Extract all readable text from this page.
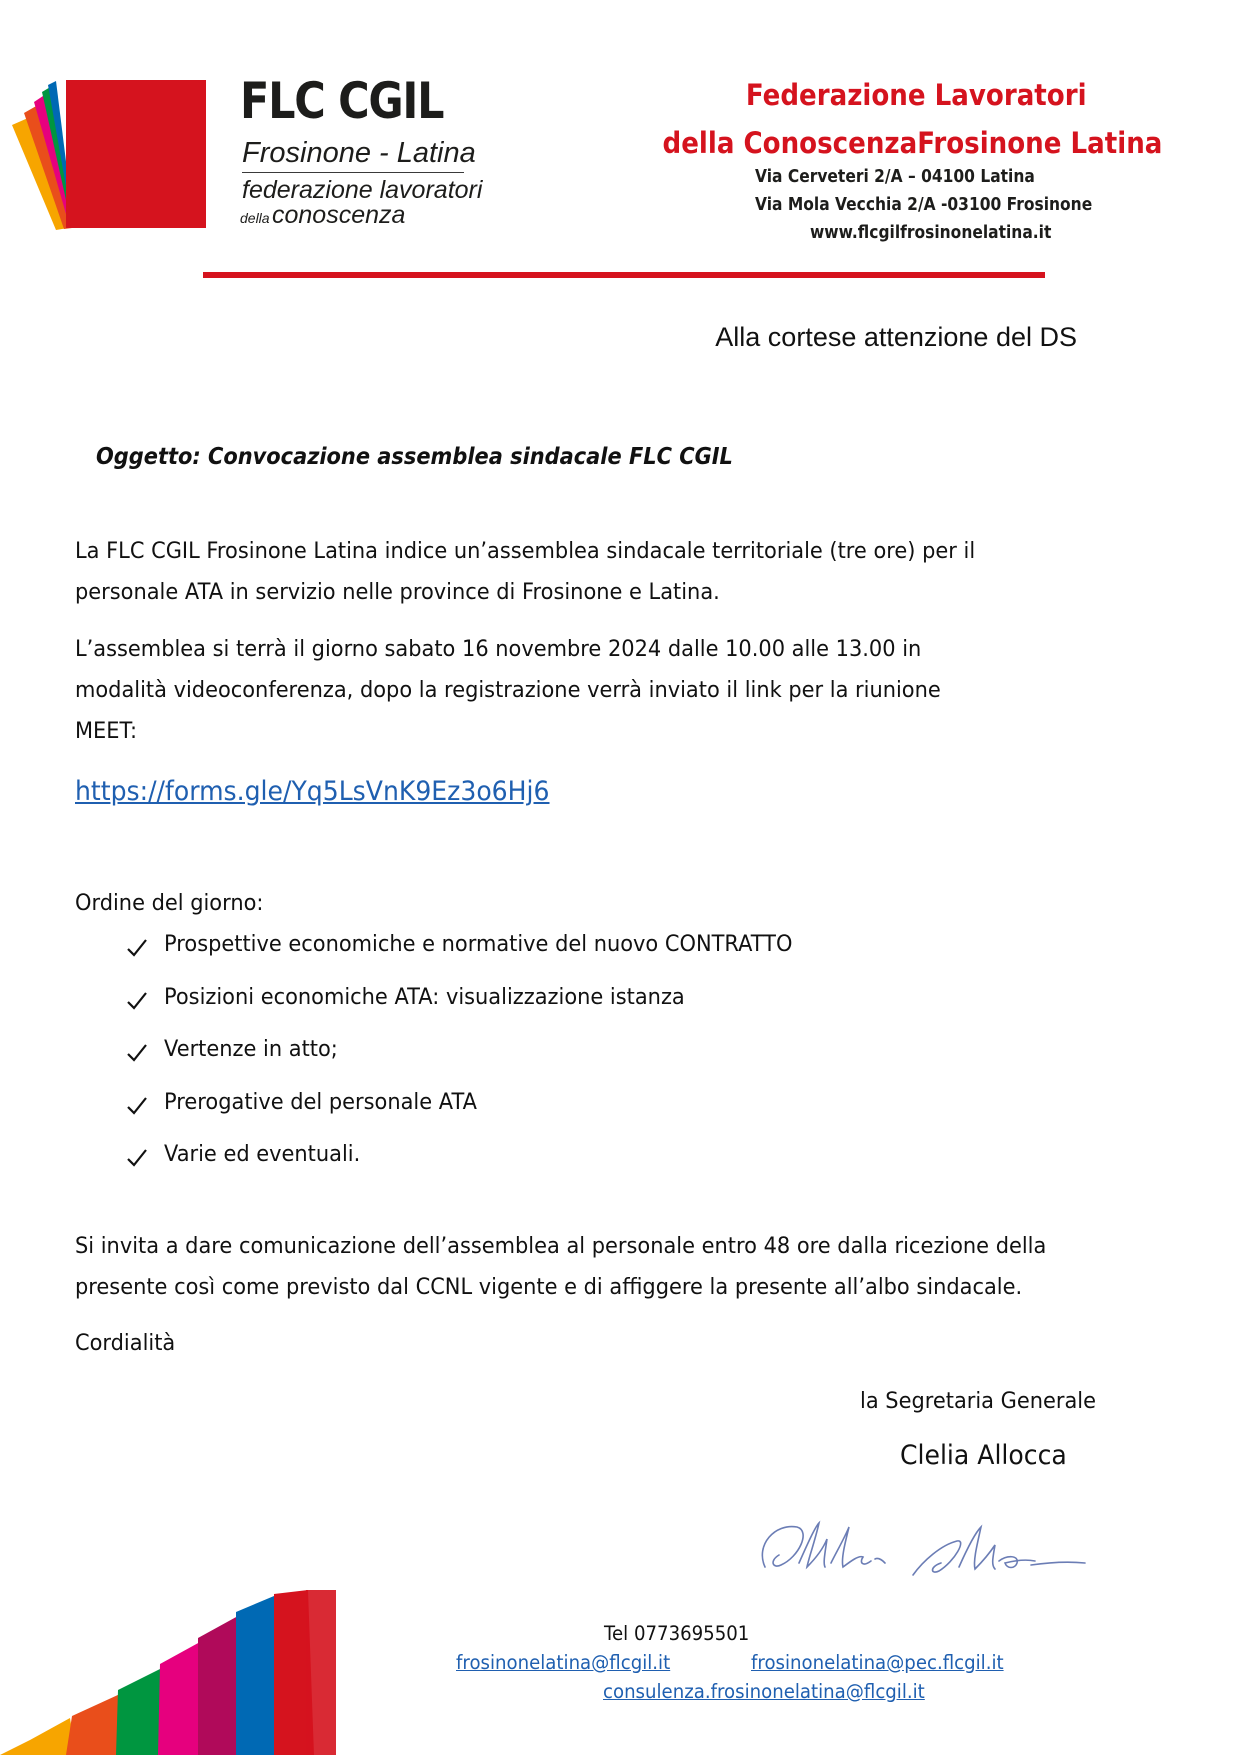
FLC CGIL
Frosinone - Latina
federazione lavoratori
della conoscenza
Federazione Lavoratori
della ConoscenzaFrosinone Latina
Via Cerveteri 2/A – 04100 Latina
Via Mola Vecchia 2/A -03100 Frosinone
www.flcgilfrosinonelatina.it
Alla cortese attenzione del DS
Oggetto: Convocazione assemblea sindacale FLC CGIL
La FLC CGIL Frosinone Latina indice un’assemblea sindacale territoriale (tre ore) per il
personale ATA in servizio nelle province di Frosinone e Latina.
L’assemblea si terrà il giorno sabato 16 novembre 2024 dalle 10.00 alle 13.00 in
modalità videoconferenza, dopo la registrazione verrà inviato il link per la riunione
MEET:
https://forms.gle/Yq5LsVnK9Ez3o6Hj6
Ordine del giorno:
Prospettive economiche e normative del nuovo CONTRATTO
Posizioni economiche ATA: visualizzazione istanza
Vertenze in atto;
Prerogative del personale ATA
Varie ed eventuali.
Si invita a dare comunicazione dell’assemblea al personale entro 48 ore dalla ricezione della
presente così come previsto dal CCNL vigente e di affiggere la presente all’albo sindacale.
Cordialità
la Segretaria Generale
Clelia Allocca
Tel 0773695501
frosinonelatina@flcgil.it	frosinonelatina@pec.flcgil.it
consulenza.frosinonelatina@flcgil.it
